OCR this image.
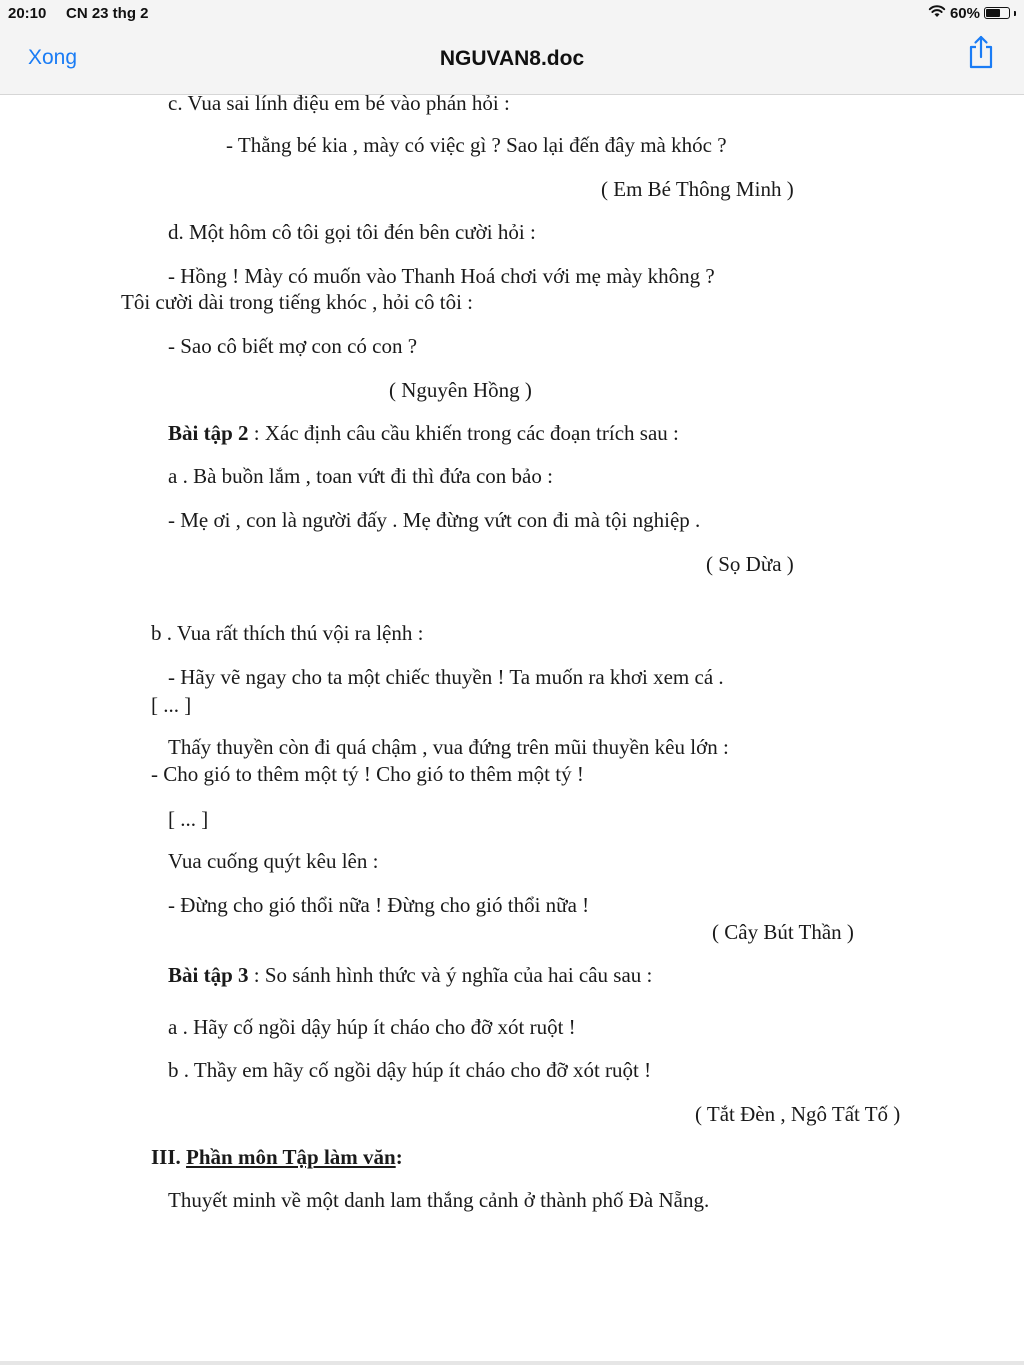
20:10 CN 23 thg 2	60%
Xong	NGUVAN8.doc
c. Vua sai lính điệu em bé vào phán hỏi :
- Thằng bé kia , mày có việc gì ? Sao lại đến đây mà khóc ?
( Em Bé Thông Minh )
d. Một hôm cô tôi gọi tôi đén bên cười hỏi :
- Hồng ! Mày có muốn vào Thanh Hoá chơi với mẹ mày không ?
Tôi cười dài trong tiếng khóc , hỏi cô tôi :
- Sao cô biết mợ con có con ?
( Nguyên Hồng )
Bài tập 2 : Xác định câu cầu khiến trong các đoạn trích sau :
a . Bà buồn lắm , toan vứt đi thì đứa con bảo :
- Mẹ ơi , con là người đấy . Mẹ đừng vứt con đi mà tội nghiệp .
( Sọ Dừa )
b . Vua rất thích thú vội ra lệnh :
- Hãy vẽ ngay cho ta một chiếc thuyền ! Ta muốn ra khơi xem cá .
[ ... ]
Thấy thuyền còn đi quá chậm , vua đứng trên mũi thuyền kêu lớn :
- Cho gió to thêm một tý ! Cho gió to thêm một tý !
[ ... ]
Vua cuống quýt kêu lên :
- Đừng cho gió thổi nữa ! Đừng cho gió thổi nữa !
( Cây Bút Thần )
Bài tập 3 : So sánh hình thức và ý nghĩa của hai câu sau :
a . Hãy cố ngồi dậy húp ít cháo cho đỡ xót ruột !
b . Thầy em hãy cố ngồi dậy húp ít cháo cho đỡ xót ruột !
( Tắt Đèn , Ngô Tất Tố )
III. Phần môn Tập làm văn:
Thuyết minh về một danh lam thắng cảnh ở thành phố Đà Nẵng.
